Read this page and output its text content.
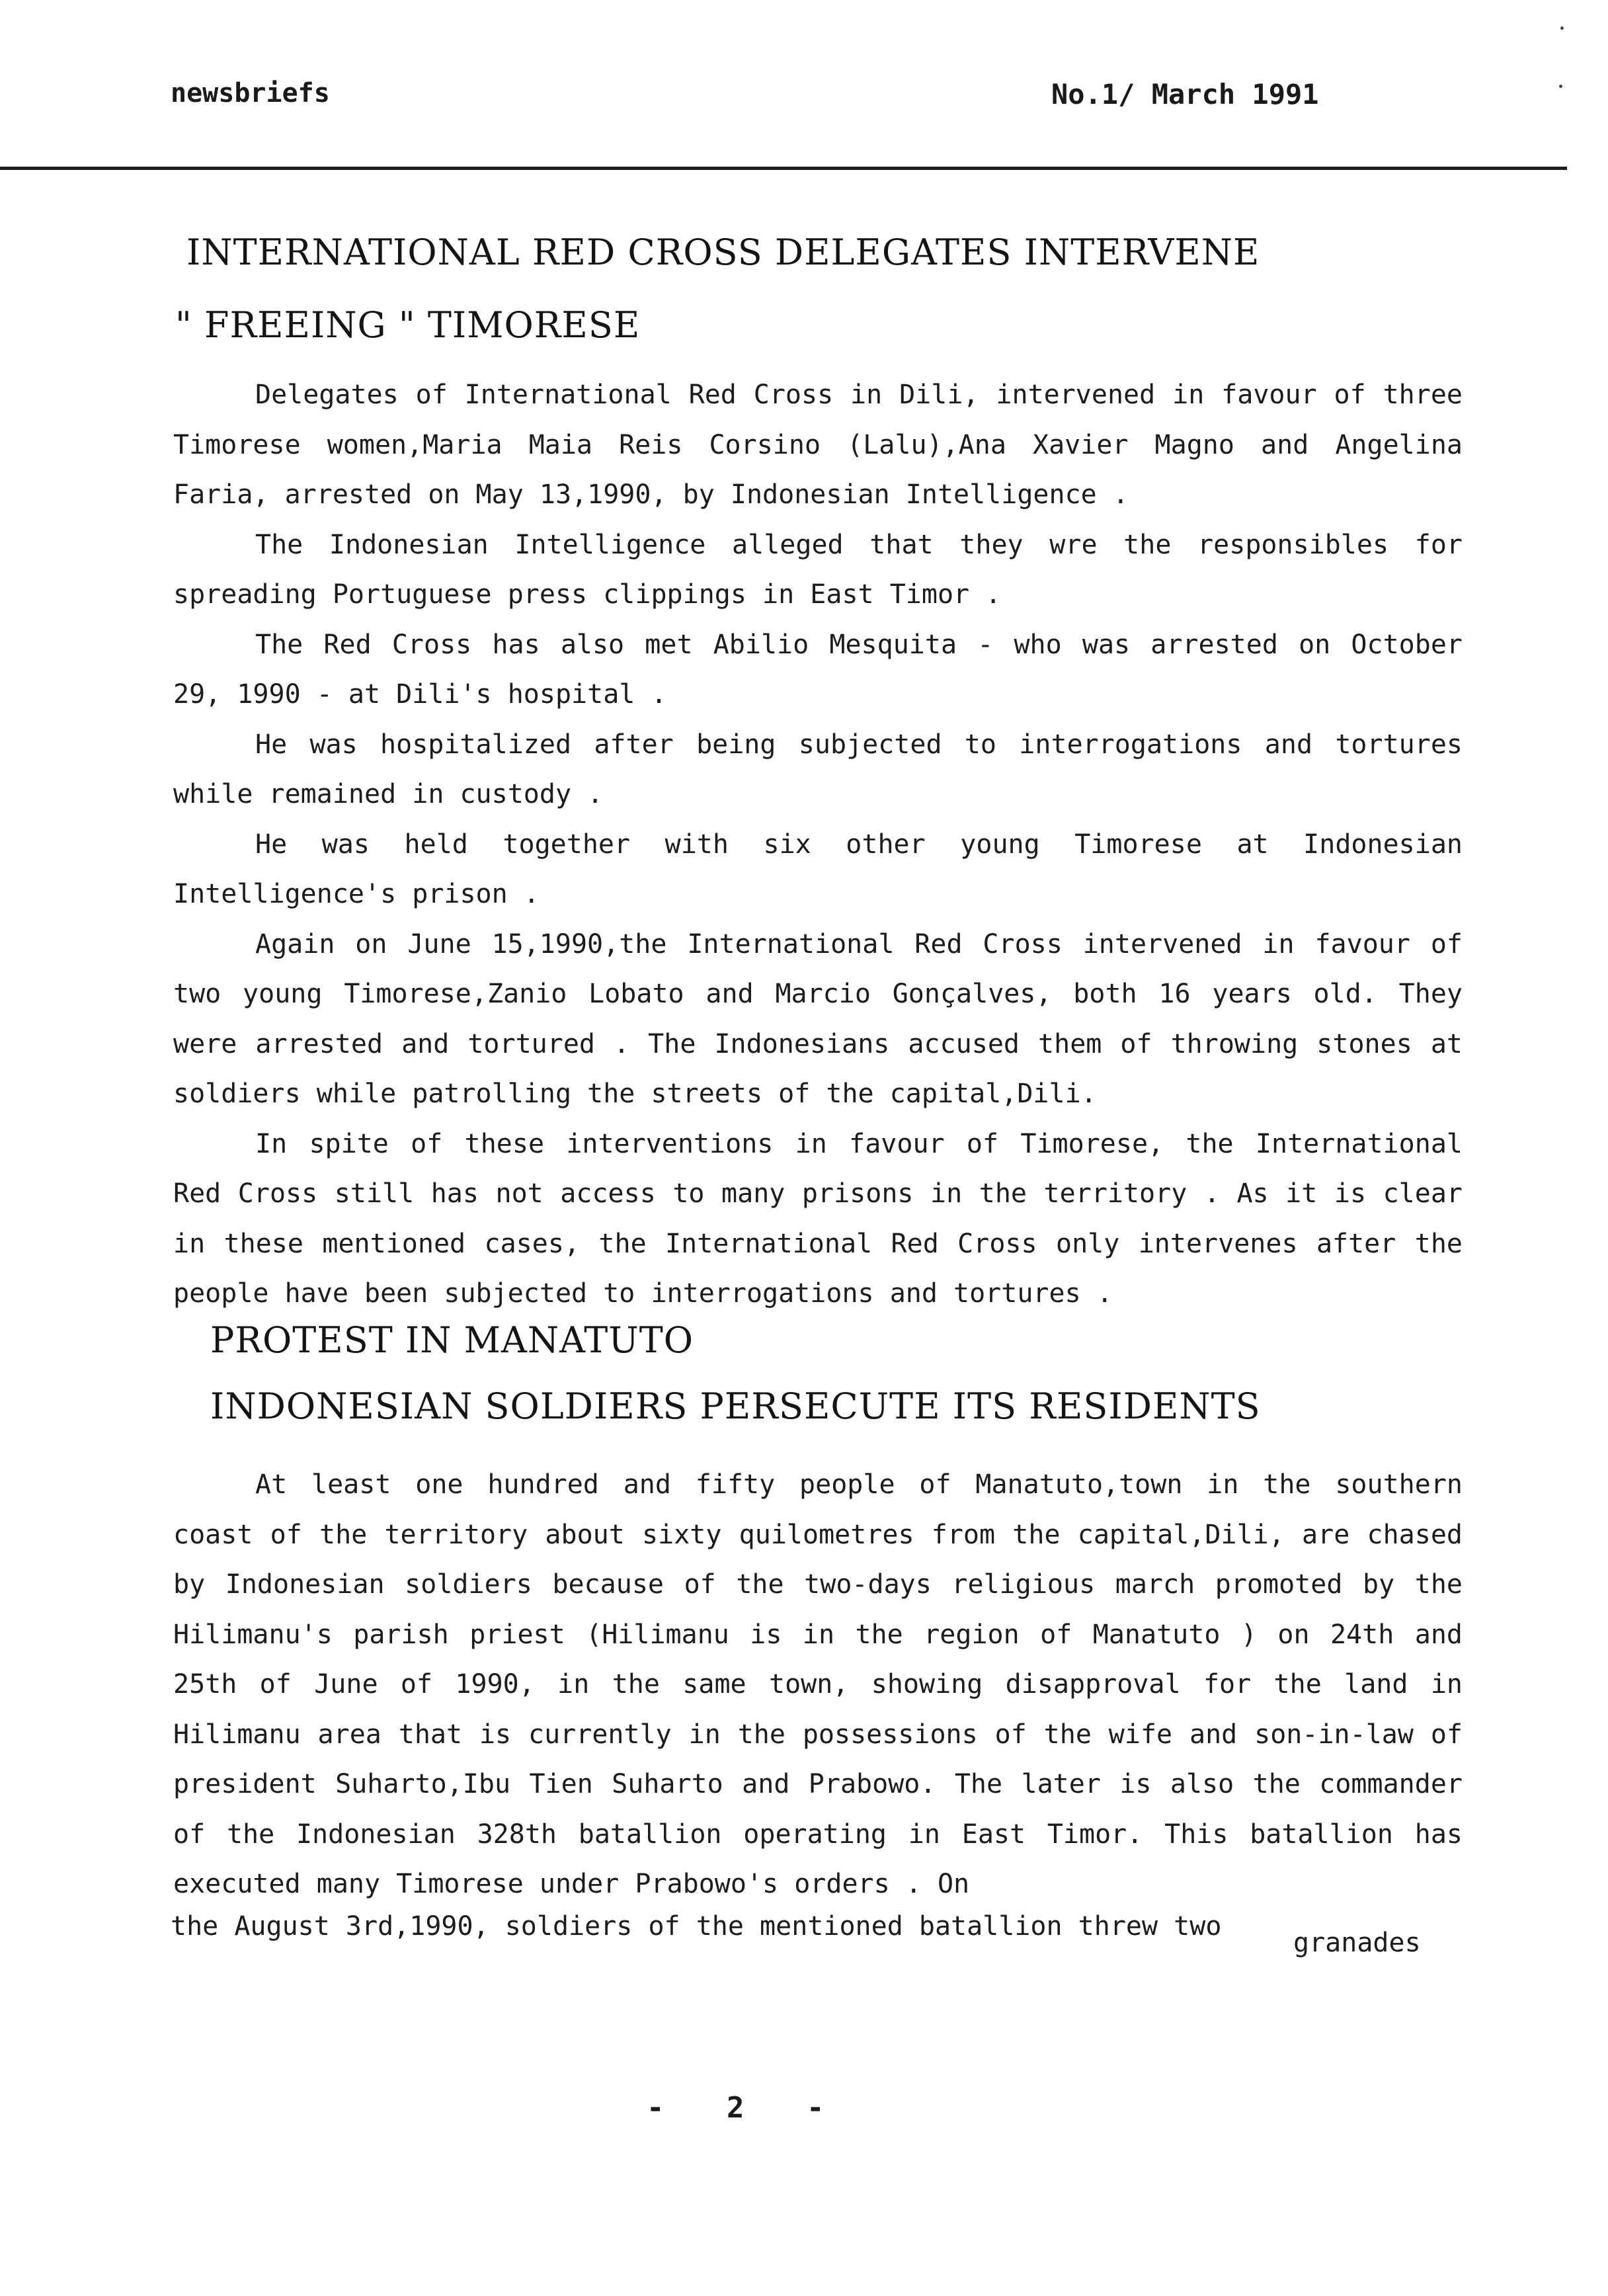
newsbriefs	No.1/ March 1991
INTERNATIONAL RED CROSS DELEGATES INTERVENE
" FREEING " TIMORESE

Delegates of International Red Cross in Dili, intervened in favour of three Timorese women,Maria Maia Reis Corsino (Lalu),Ana Xavier Magno and Angelina Faria, arrested on May 13,1990, by Indonesian Intelligence .

The Indonesian Intelligence alleged that they wre the responsibles for spreading Portuguese press clippings in East Timor .

The Red Cross has also met Abilio Mesquita - who was arrested on October 29, 1990 - at Dili's hospital .

He was hospitalized after being subjected to interrogations and tortures while remained in custody .

He was held together with six other young Timorese at Indonesian Intelligence's prison .

Again on June 15,1990,the International Red Cross intervened in favour of two young Timorese,Zanio Lobato and Marcio Gonçalves, both 16 years old. They were arrested and tortured . The Indonesians accused them of throwing stones at soldiers while patrolling the streets of the capital,Dili.

In spite of these interventions in favour of Timorese, the International Red Cross still has not access to many prisons in the territory . As it is clear in these mentioned cases, the International Red Cross only intervenes after the people have been subjected to interrogations and tortures .

PROTEST IN MANATUTO
INDONESIAN SOLDIERS PERSECUTE ITS RESIDENTS

At least one hundred and fifty people of Manatuto,town in the southern coast of the territory about sixty quilometres from the capital,Dili, are chased by Indonesian soldiers because of the two-days religious march promoted by the Hilimanu's parish priest (Hilimanu is in the region of Manatuto ) on 24th and 25th of June of 1990, in the same town, showing disapproval for the land in Hilimanu area that is currently in the possessions of the wife and son-in-law of president Suharto,Ibu Tien Suharto and Prabowo. The later is also the commander of the Indonesian 328th batallion operating in East Timor. This batallion has executed many Timorese under Prabowo's orders . On

the August 3rd,1990, soldiers of the mentioned batallion threw two
granades
- 2 -
